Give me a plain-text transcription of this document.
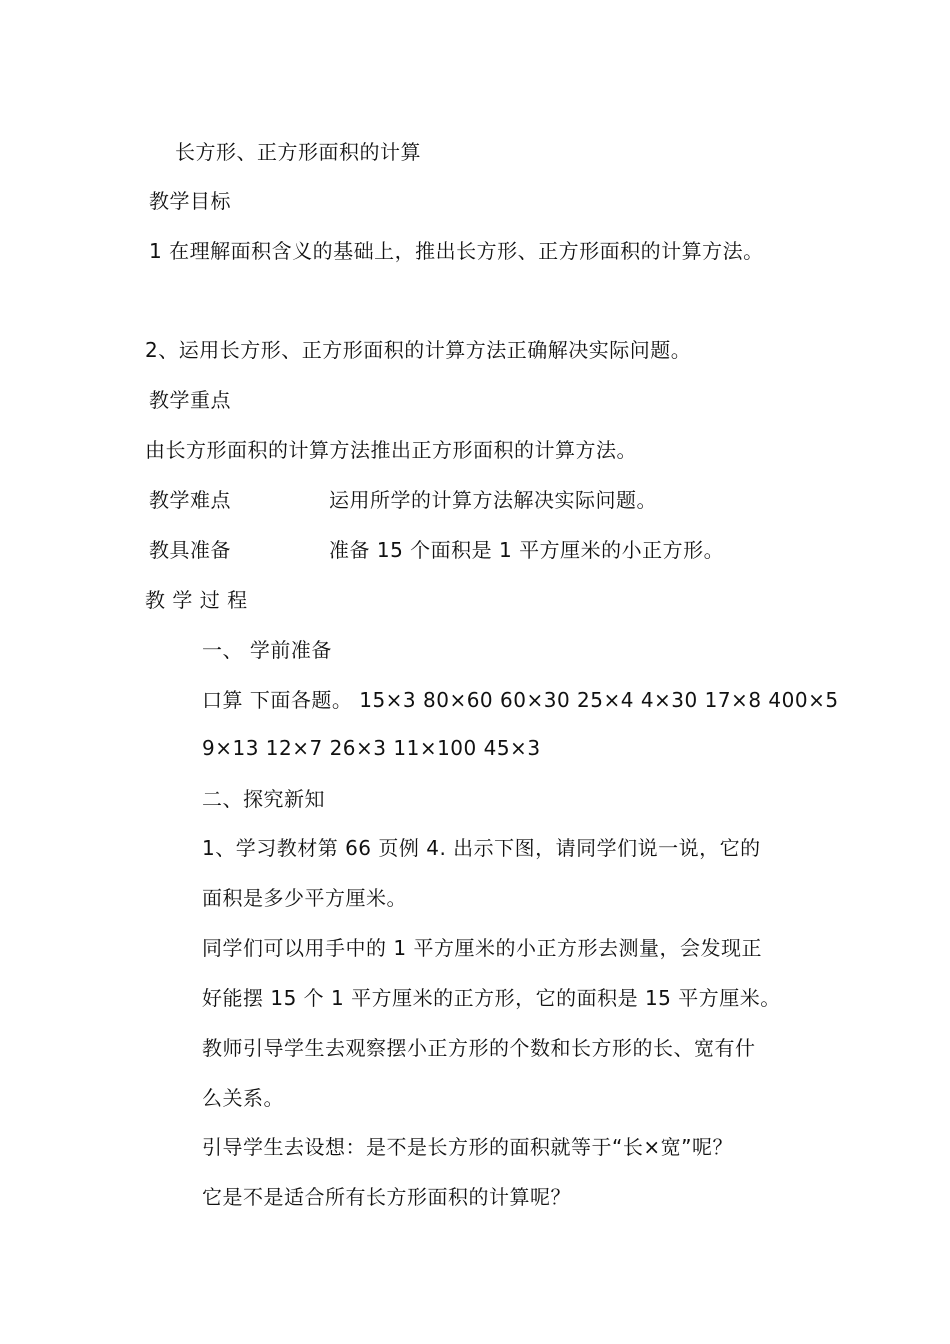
长方形、正方形面积的计算
教学目标
1 在理解面积含义的基础上，推出长方形、正方形面积的计算方法。
2、运用长方形、正方形面积的计算方法正确解决实际问题。
教学重点
由长方形面积的计算方法推出正方形面积的计算方法。
教学难点	运用所学的计算方法解决实际问题。
教具准备	准备 15 个面积是 1 平方厘米的小正方形。
教 学 过 程
一、 学前准备
口算 下面各题。 15×3 80×60 60×30 25×4 4×30 17×8 400×5
9×13 12×7 26×3 11×100 45×3
二、探究新知
1、学习教材第 66 页例 4. 出示下图，请同学们说一说，它的
面积是多少平方厘米。
同学们可以用手中的 1 平方厘米的小正方形去测量，会发现正
好能摆 15 个 1 平方厘米的正方形，它的面积是 15 平方厘米。
教师引导学生去观察摆小正方形的个数和长方形的长、宽有什
么关系。
引导学生去设想：是不是长方形的面积就等于“长×宽”呢？
它是不是适合所有长方形面积的计算呢？
